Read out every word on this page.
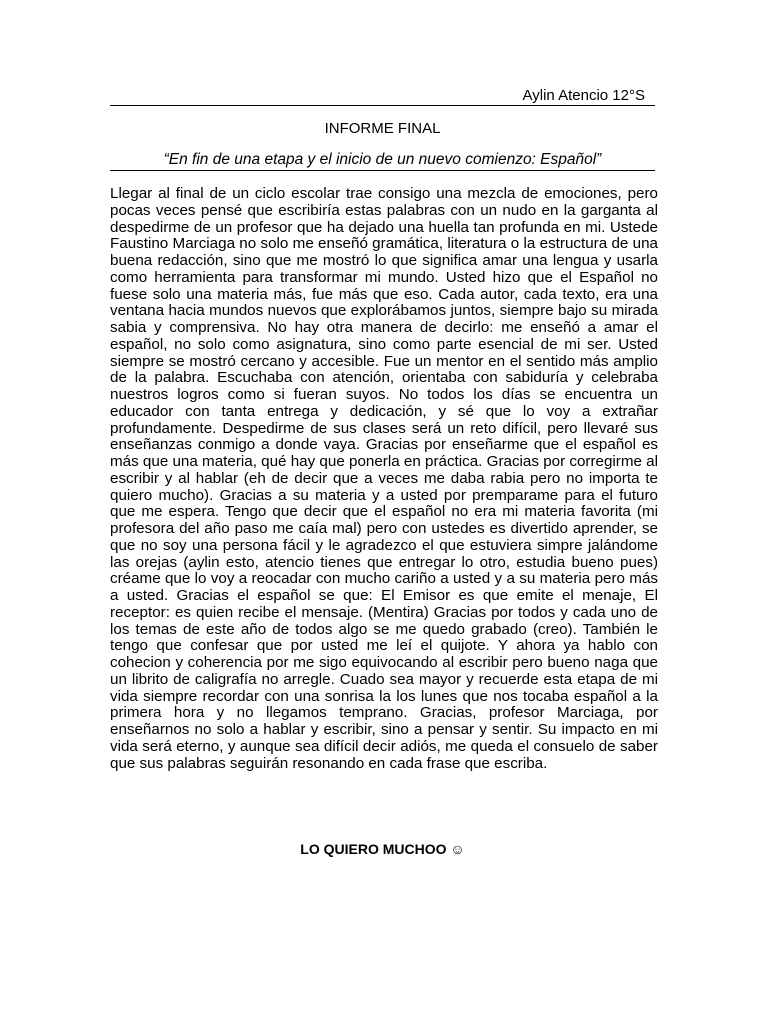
Aylin Atencio 12°S
INFORME FINAL
“En fin de una etapa y el inicio de un nuevo comienzo: Español”

Llegar al final de un ciclo escolar trae consigo una mezcla de emociones, pero pocas veces pensé que escribiría estas palabras con un nudo en la garganta al despedirme de un profesor que ha dejado una huella tan profunda en mi. Ustede Faustino Marciaga no solo me enseñó gramática, literatura o la estructura de una buena redacción, sino que me mostró lo que significa amar una lengua y usarla como herramienta para transformar mi mundo. Usted hizo que el Español no fuese solo una materia más, fue más que eso. Cada autor, cada texto, era una ventana hacia mundos nuevos que explorábamos juntos, siempre bajo su mirada sabia y comprensiva. No hay otra manera de decirlo: me enseñó a amar el español, no solo como asignatura, sino como parte esencial de mi ser. Usted siempre se mostró cercano y accesible. Fue un mentor en el sentido más amplio de la palabra. Escuchaba con atención, orientaba con sabiduría y celebraba nuestros logros como si fueran suyos. No todos los días se encuentra un educador con tanta entrega y dedicación, y sé que lo voy a extrañar profundamente. Despedirme de sus clases será un reto difícil, pero llevaré sus enseñanzas conmigo a donde vaya. Gracias por enseñarme que el español es más que una materia, qué hay que ponerla en práctica. Gracias por corregirme al escribir y al hablar (eh de decir que a veces me daba rabia pero no importa te quiero mucho). Gracias a su materia y a usted por premparame para el futuro que me espera. Tengo que decir que el español no era mi materia favorita (mi profesora del año paso me caía mal) pero con ustedes es divertido aprender, se que no soy una persona fácil y le agradezco el que estuviera simpre jalándome las orejas (aylin esto, atencio tienes que entregar lo otro, estudia bueno pues) créame que lo voy a reocadar con mucho cariño a usted y a su materia pero más a usted. Gracias el español se que: El Emisor es que emite el menaje, El receptor: es quien recibe el mensaje. (Mentira) Gracias por todos y cada uno de los temas de este año de todos algo se me quedo grabado (creo). También le tengo que confesar que por usted me leí el quijote. Y ahora ya hablo con cohecion y coherencia por me sigo equivocando al escribir pero bueno naga que un librito de caligrafía no arregle. Cuado sea mayor y recuerde esta etapa de mi vida siempre recordar con una sonrisa la los lunes que nos tocaba español a la primera hora y no llegamos temprano. Gracias, profesor Marciaga, por enseñarnos no solo a hablar y escribir, sino a pensar y sentir. Su impacto en mi vida será eterno, y aunque sea difícil decir adiós, me queda el consuelo de saber que sus palabras seguirán resonando en cada frase que escriba.

LO QUIERO MUCHOO ☺
